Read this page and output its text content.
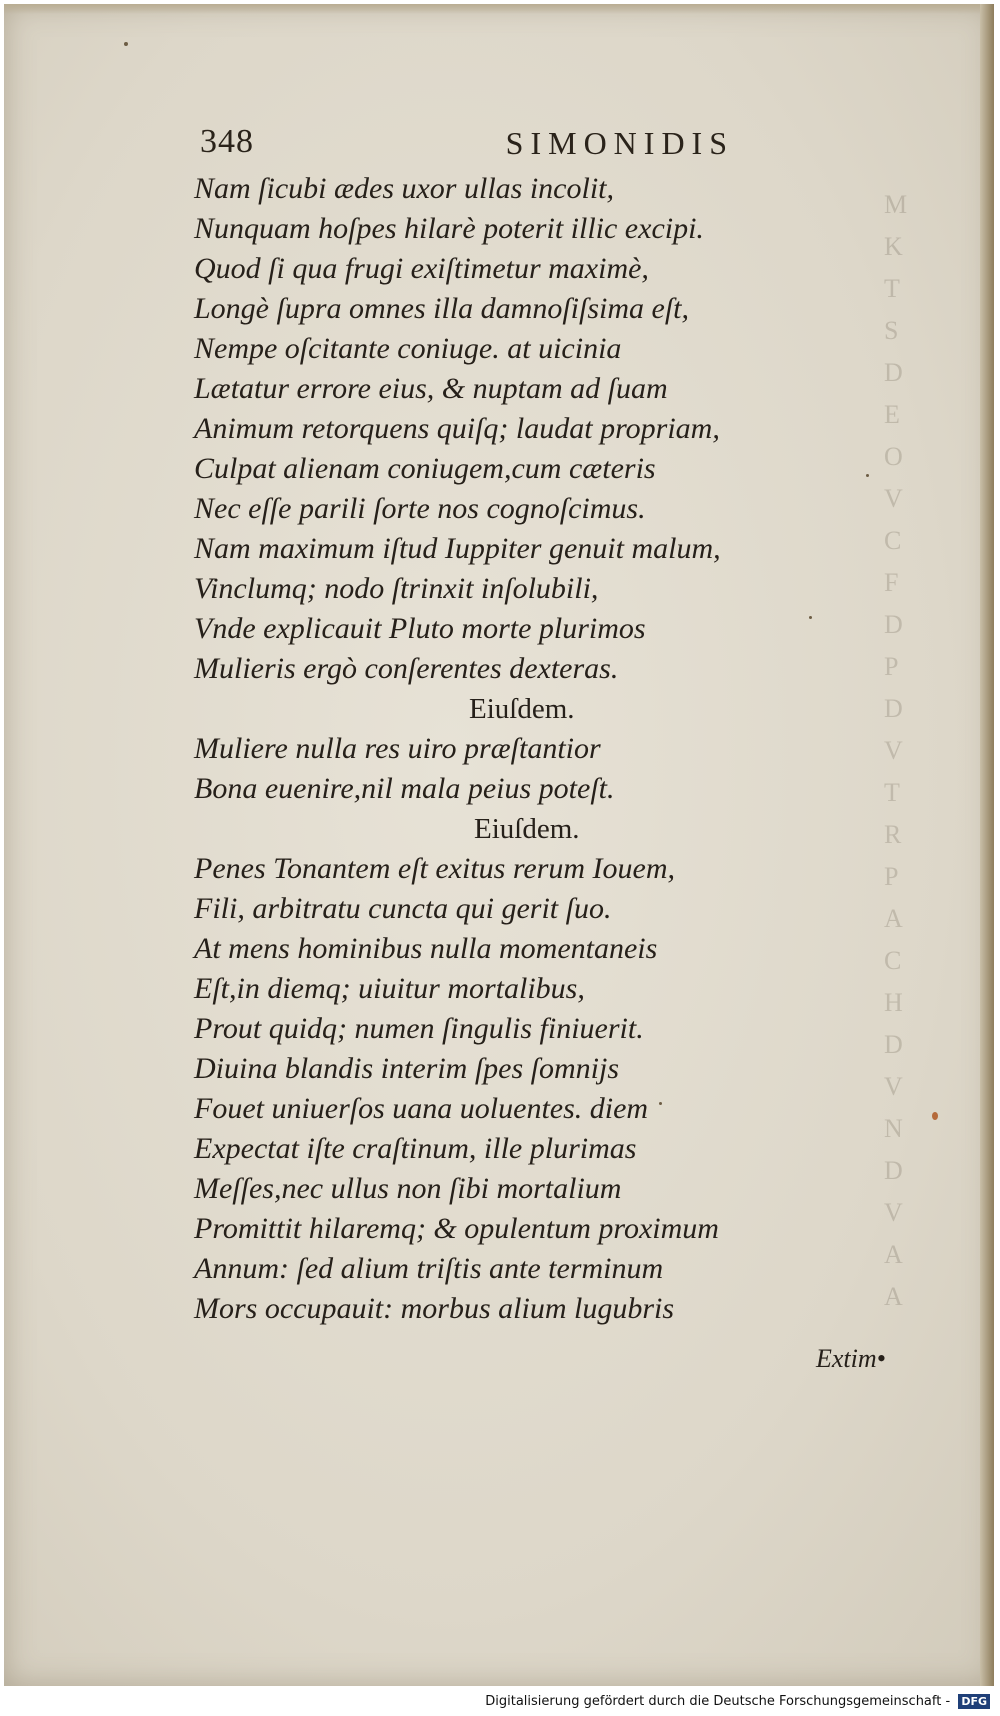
M
K
T
S
D
E
O
V
C
F
D
P
D
V
T
R
P
A
C
H
D
V
N
D
V
A
A
348	SIMONIDIS
Nam ſicubi ædes uxor ullas incolit,
Nunquam hoſpes hilarè poterit illic excipi.
Quod ſi qua frugi exiſtimetur maximè,
Longè ſupra omnes illa damnoſiſsima eſt,
Nempe oſcitante coniuge. at uicinia
Lætatur errore eius, & nuptam ad ſuam
Animum retorquens quiſq; laudat propriam,
Culpat alienam coniugem,cum cæteris
Nec eſſe parili ſorte nos cognoſcimus.
Nam maximum iſtud Iuppiter genuit malum,
Vinclumq; nodo ſtrinxit inſolubili,
Vnde explicauit Pluto morte plurimos
Mulieris ergò conſerentes dexteras.
Eiuſdem.
Muliere nulla res uiro præſtantior
Bona euenire,nil mala peius poteſt.
Eiuſdem.
Penes Tonantem eſt exitus rerum Iouem,
Fili, arbitratu cuncta qui gerit ſuo.
At mens hominibus nulla momentaneis
Eſt,in diemq; uiuitur mortalibus,
Prout quidq; numen ſingulis finiuerit.
Diuina blandis interim ſpes ſomnijs
Fouet uniuerſos uana uoluentes. diem
Expectat iſte craſtinum, ille plurimas
Meſſes,nec ullus non ſibi mortalium
Promittit hilaremq; & opulentum proximum
Annum: ſed alium triſtis ante terminum
Mors occupauit: morbus alium lugubris
Extim•
Digitalisierung gefördert durch die Deutsche Forschungsgemeinschaft - DFG
